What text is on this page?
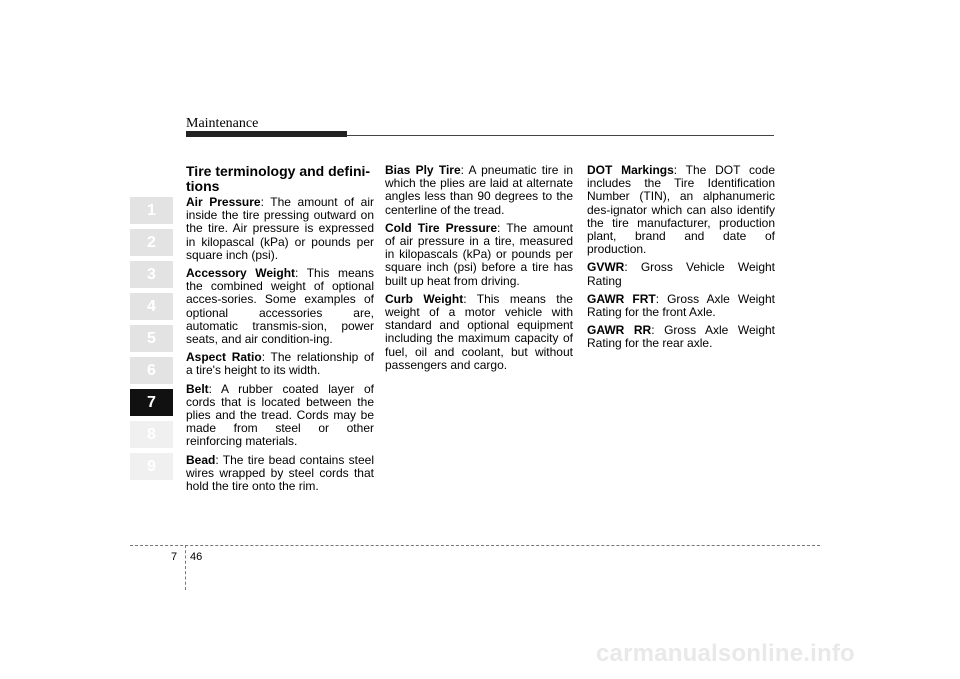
Maintenance
1
2
3
4
5
6
7
8
9
Tire terminology and defini-tions

Air Pressure: The amount of air inside the tire pressing outward on the tire. Air pressure is expressed in kilopascal (kPa) or pounds per square inch (psi).

Accessory Weight: This means the combined weight of optional acces-sories. Some examples of optional accessories are, automatic transmis-sion, power seats, and air condition-ing.

Aspect Ratio: The relationship of a tire's height to its width.

Belt: A rubber coated layer of cords that is located between the plies and the tread. Cords may be made from steel or other reinforcing materials.

Bead: The tire bead contains steel wires wrapped by steel cords that hold the tire onto the rim.

Bias Ply Tire: A pneumatic tire in which the plies are laid at alternate angles less than 90 degrees to the centerline of the tread.

Cold Tire Pressure: The amount of air pressure in a tire, measured in kilopascals (kPa) or pounds per square inch (psi) before a tire has built up heat from driving.

Curb Weight: This means the weight of a motor vehicle with standard and optional equipment including the maximum capacity of fuel, oil and coolant, but without passengers and cargo.

DOT Markings: The DOT code includes the Tire Identification Number (TIN), an alphanumeric des-ignator which can also identify the tire manufacturer, production plant, brand and date of production.

GVWR: Gross Vehicle Weight Rating

GAWR FRT: Gross Axle Weight Rating for the front Axle.

GAWR RR: Gross Axle Weight Rating for the rear axle.

7 46
carmanualsonline.info
